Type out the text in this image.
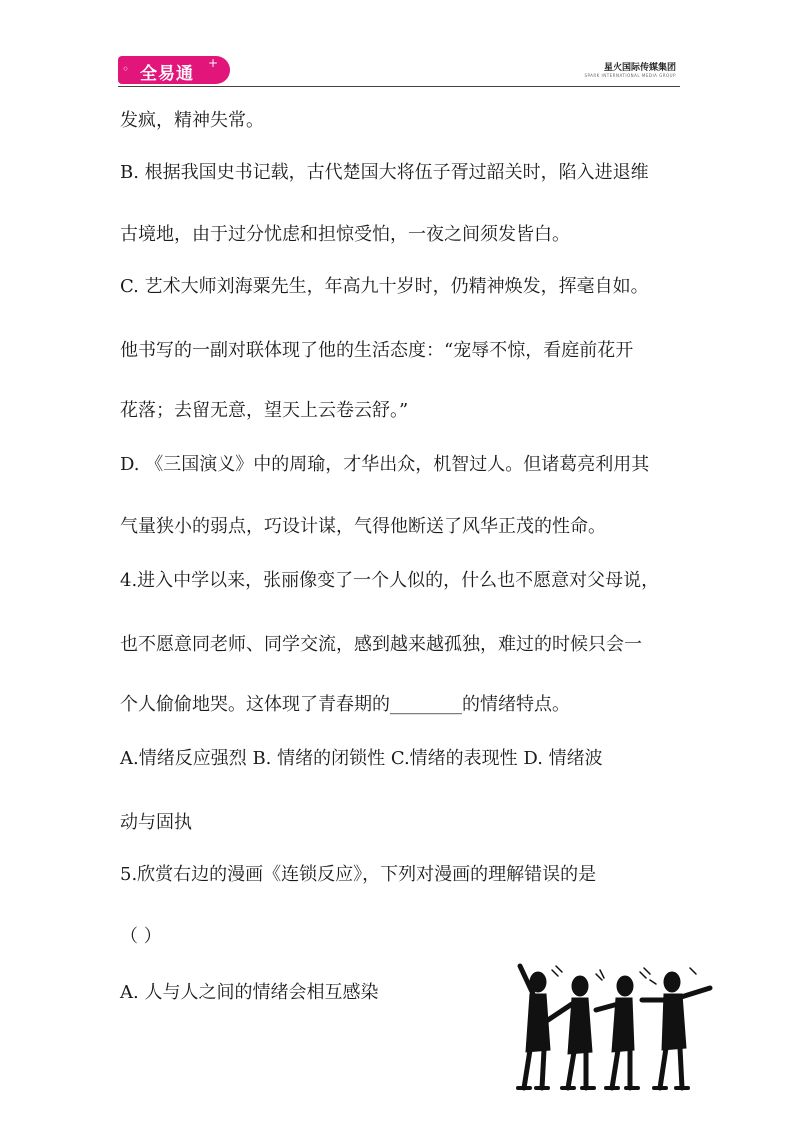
◦ 全易通
+	星火国际传媒集团
SPARK INTERNATIONAL MEDIA GROUP
发疯，精神失常。
B. 根据我国史书记载，古代楚国大将伍子胥过韶关时，陷入进退维
古境地，由于过分忧虑和担惊受怕，一夜之间须发皆白。
C. 艺术大师刘海粟先生，年高九十岁时，仍精神焕发，挥毫自如。
他书写的一副对联体现了他的生活态度：“宠辱不惊，看庭前花开
花落；去留无意，望天上云卷云舒。”
D. 《三国演义》中的周瑜，才华出众，机智过人。但诸葛亮利用其
气量狭小的弱点，巧设计谋，气得他断送了风华正茂的性命。
4.进入中学以来，张丽像变了一个人似的，什么也不愿意对父母说，
也不愿意同老师、同学交流，感到越来越孤独，难过的时候只会一
个人偷偷地哭。这体现了青春期的________的情绪特点。
A.情绪反应强烈 B. 情绪的闭锁性 C.情绪的表现性 D. 情绪波
动与固执
5.欣赏右边的漫画《连锁反应》，下列对漫画的理解错误的是
（ ）
A. 人与人之间的情绪会相互感染
